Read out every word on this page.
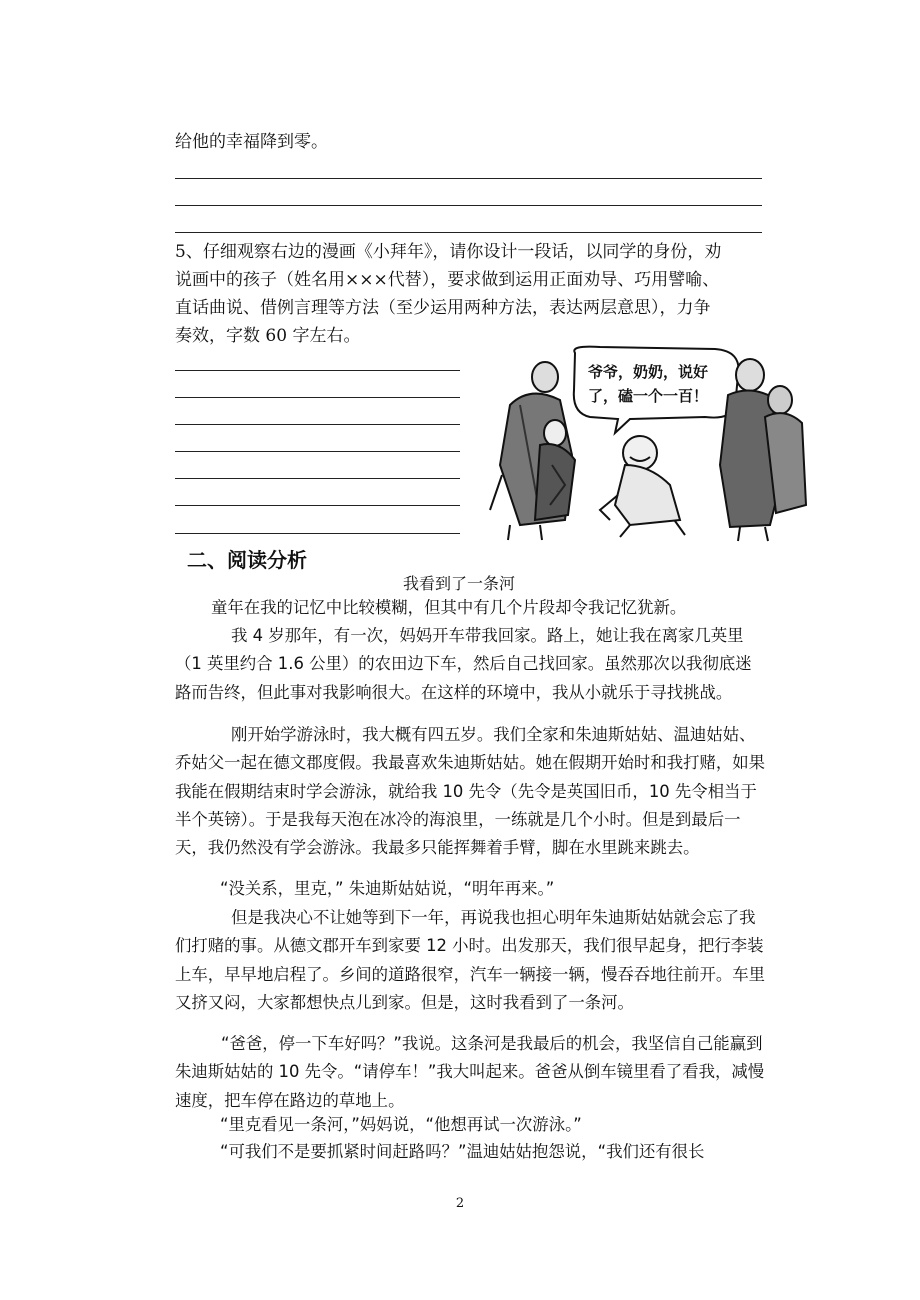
给他的幸福降到零。
5、仔细观察右边的漫画《小拜年》，请你设计一段话，以同学的身份，劝
说画中的孩子（姓名用×××代替），要求做到运用正面劝导、巧用譬喻、
直话曲说、借例言理等方法（至少运用两种方法，表达两层意思），力争
奏效，字数 60 字左右。
爷爷，奶奶，说好
了，磕一个一百！
二、阅读分析
我看到了一条河
童年在我的记忆中比较模糊，但其中有几个片段却令我记忆犹新。
我 4 岁那年，有一次，妈妈开车带我回家。路上，她让我在离家几英里（1 英里约合 1.6 公里）的农田边下车，然后自己找回家。虽然那次以我彻底迷路而告终，但此事对我影响很大。在这样的环境中，我从小就乐于寻找挑战。
刚开始学游泳时，我大概有四五岁。我们全家和朱迪斯姑姑、温迪姑姑、乔姑父一起在德文郡度假。我最喜欢朱迪斯姑姑。她在假期开始时和我打赌，如果我能在假期结束时学会游泳，就给我 10 先令（先令是英国旧币，10 先令相当于半个英镑）。于是我每天泡在冰冷的海浪里，一练就是几个小时。但是到最后一天，我仍然没有学会游泳。我最多只能挥舞着手臂，脚在水里跳来跳去。
“没关系，里克，” 朱迪斯姑姑说，“明年再来。”
但是我决心不让她等到下一年，再说我也担心明年朱迪斯姑姑就会忘了我们打赌的事。从德文郡开车到家要 12 小时。出发那天，我们很早起身，把行李装上车，早早地启程了。乡间的道路很窄，汽车一辆接一辆，慢吞吞地往前开。车里又挤又闷，大家都想快点儿到家。但是，这时我看到了一条河。
“爸爸，停一下车好吗？”我说。这条河是我最后的机会，我坚信自己能赢到朱迪斯姑姑的 10 先令。“请停车！”我大叫起来。爸爸从倒车镜里看了看我，减慢速度，把车停在路边的草地上。
“里克看见一条河，”妈妈说，“他想再试一次游泳。”
“可我们不是要抓紧时间赶路吗？”温迪姑姑抱怨说，“我们还有很长
2
